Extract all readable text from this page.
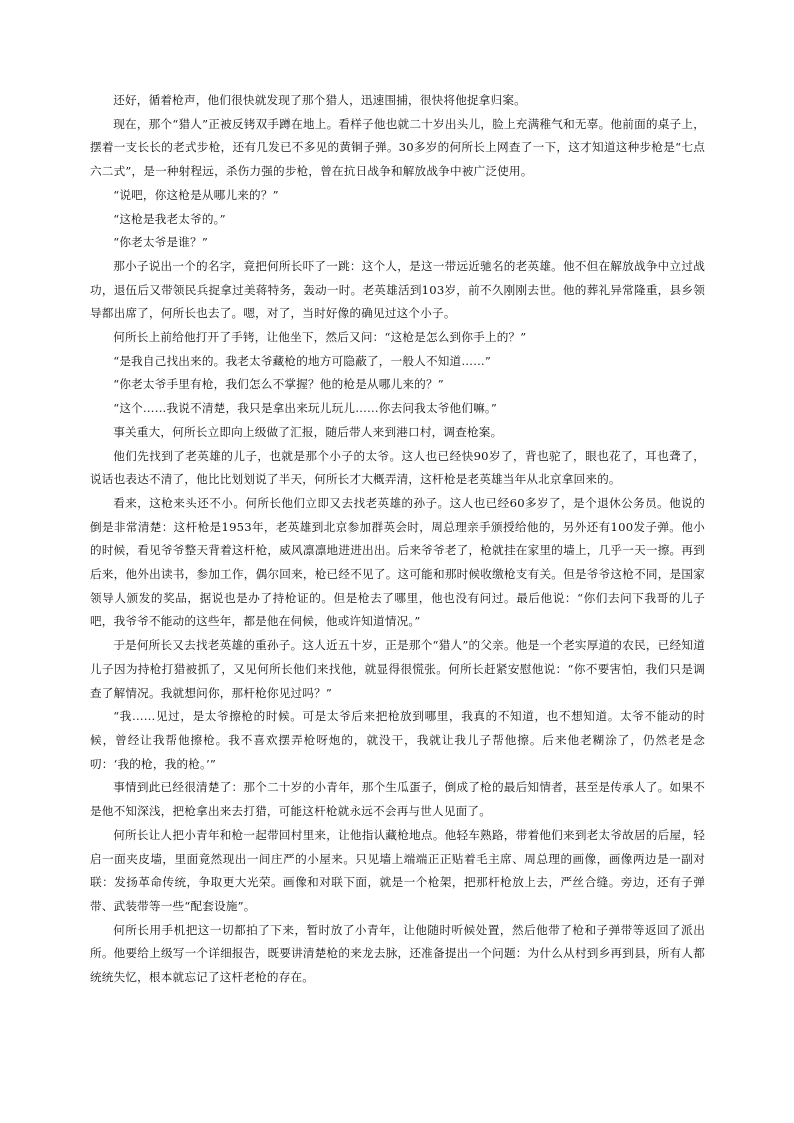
还好，循着枪声，他们很快就发现了那个猎人，迅速围捕，很快将他捉拿归案。

现在，那个“猎人”正被反铐双手蹲在地上。看样子他也就二十岁出头儿，脸上充满稚气和无辜。他前面的桌子上，摆着一支长长的老式步枪，还有几发已不多见的黄铜子弹。30多岁的何所长上网查了一下，这才知道这种步枪是“七点六二式”，是一种射程远，杀伤力强的步枪，曾在抗日战争和解放战争中被广泛使用。

“说吧，你这枪是从哪儿来的？”

“这枪是我老太爷的。”

“你老太爷是谁？”

那小子说出一个的名字，竟把何所长吓了一跳：这个人，是这一带远近驰名的老英雄。他不但在解放战争中立过战功，退伍后又带领民兵捉拿过美蒋特务，轰动一时。老英雄活到103岁，前不久刚刚去世。他的葬礼异常隆重，县乡领导都出席了，何所长也去了。嗯，对了，当时好像的确见过这个小子。

何所长上前给他打开了手铐，让他坐下，然后又问：“这枪是怎么到你手上的？”

“是我自己找出来的。我老太爷藏枪的地方可隐蔽了，一般人不知道……”

“你老太爷手里有枪，我们怎么不掌握？他的枪是从哪儿来的？”

“这个……我说不清楚，我只是拿出来玩儿玩儿……你去问我太爷他们嘛。”

事关重大，何所长立即向上级做了汇报，随后带人来到港口村，调查枪案。

他们先找到了老英雄的儿子，也就是那个小子的太爷。这人也已经快90岁了，背也驼了，眼也花了，耳也聋了，说话也表达不清了，他比比划划说了半天，何所长才大概弄清，这杆枪是老英雄当年从北京拿回来的。

看来，这枪来头还不小。何所长他们立即又去找老英雄的孙子。这人也已经60多岁了，是个退休公务员。他说的倒是非常清楚：这杆枪是1953年，老英雄到北京参加群英会时，周总理亲手颁授给他的，另外还有100发子弹。他小的时候，看见爷爷整天背着这杆枪，威风凛凛地进进出出。后来爷爷老了，枪就挂在家里的墙上，几乎一天一擦。再到后来，他外出读书，参加工作，偶尔回来，枪已经不见了。这可能和那时候收缴枪支有关。但是爷爷这枪不同，是国家领导人颁发的奖品，据说也是办了持枪证的。但是枪去了哪里，他也没有问过。最后他说：“你们去问下我哥的儿子吧，我爷爷不能动的这些年，都是他在伺候，他或许知道情况。”

于是何所长又去找老英雄的重孙子。这人近五十岁，正是那个“猎人”的父亲。他是一个老实厚道的农民，已经知道儿子因为持枪打猎被抓了，又见何所长他们来找他，就显得很慌张。何所长赶紧安慰他说：“你不要害怕，我们只是调查了解情况。我就想问你，那杆枪你见过吗？”

“我……见过，是太爷擦枪的时候。可是太爷后来把枪放到哪里，我真的不知道，也不想知道。太爷不能动的时候，曾经让我帮他擦枪。我不喜欢摆弄枪呀炮的，就没干，我就让我儿子帮他擦。后来他老糊涂了，仍然老是念叨：‘我的枪，我的枪。’”

事情到此已经很清楚了：那个二十岁的小青年，那个生瓜蛋子，倒成了枪的最后知情者，甚至是传承人了。如果不是他不知深浅，把枪拿出来去打猎，可能这杆枪就永远不会再与世人见面了。

何所长让人把小青年和枪一起带回村里来，让他指认藏枪地点。他轻车熟路，带着他们来到老太爷故居的后屋，轻启一面夹皮墙，里面竟然现出一间庄严的小屋来。只见墙上端端正正贴着毛主席、周总理的画像，画像两边是一副对联：发扬革命传统，争取更大光荣。画像和对联下面，就是一个枪架，把那杆枪放上去，严丝合缝。旁边，还有子弹带、武装带等一些“配套设施”。

何所长用手机把这一切都拍了下来，暂时放了小青年，让他随时听候处置，然后他带了枪和子弹带等返回了派出所。他要给上级写一个详细报告，既要讲清楚枪的来龙去脉，还准备提出一个问题：为什么从村到乡再到县，所有人都统统失忆，根本就忘记了这杆老枪的存在。
